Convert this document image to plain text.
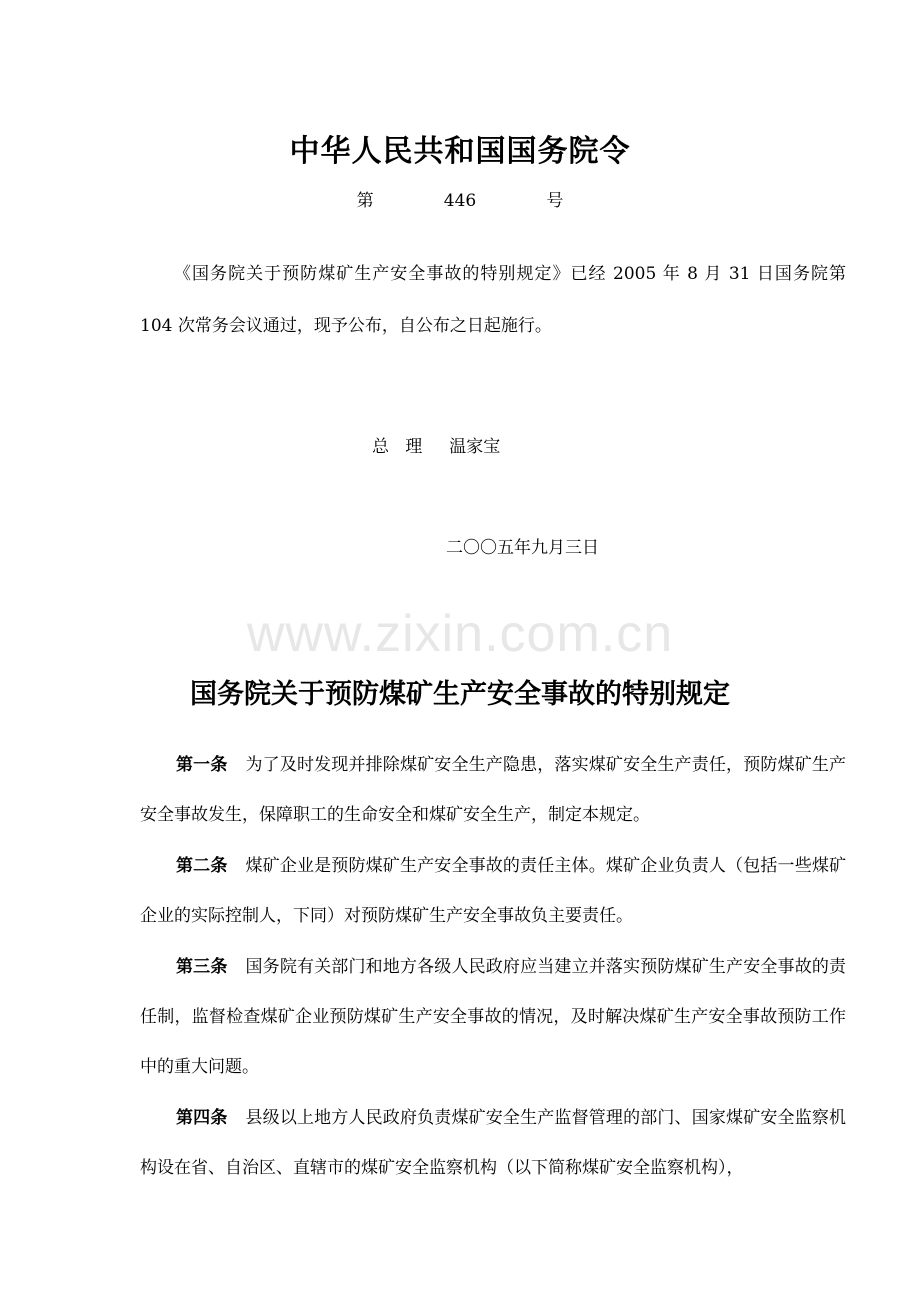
中华人民共和国国务院令
第   446   号

《国务院关于预防煤矿生产安全事故的特别规定》已经 2005 年 8 月 31 日国务院第 104 次常务会议通过，现予公布，自公布之日起施行。

总   理     温家宝
二〇〇五年九月三日
www.zixin.com.cn
国务院关于预防煤矿生产安全事故的特别规定

第一条 为了及时发现并排除煤矿安全生产隐患，落实煤矿安全生产责任，预防煤矿生产安全事故发生，保障职工的生命安全和煤矿安全生产，制定本规定。

第二条 煤矿企业是预防煤矿生产安全事故的责任主体。煤矿企业负责人（包括一些煤矿企业的实际控制人，下同）对预防煤矿生产安全事故负主要责任。

第三条 国务院有关部门和地方各级人民政府应当建立并落实预防煤矿生产安全事故的责任制，监督检查煤矿企业预防煤矿生产安全事故的情况，及时解决煤矿生产安全事故预防工作中的重大问题。

第四条 县级以上地方人民政府负责煤矿安全生产监督管理的部门、国家煤矿安全监察机构设在省、自治区、直辖市的煤矿安全监察机构（以下简称煤矿安全监察机构），
